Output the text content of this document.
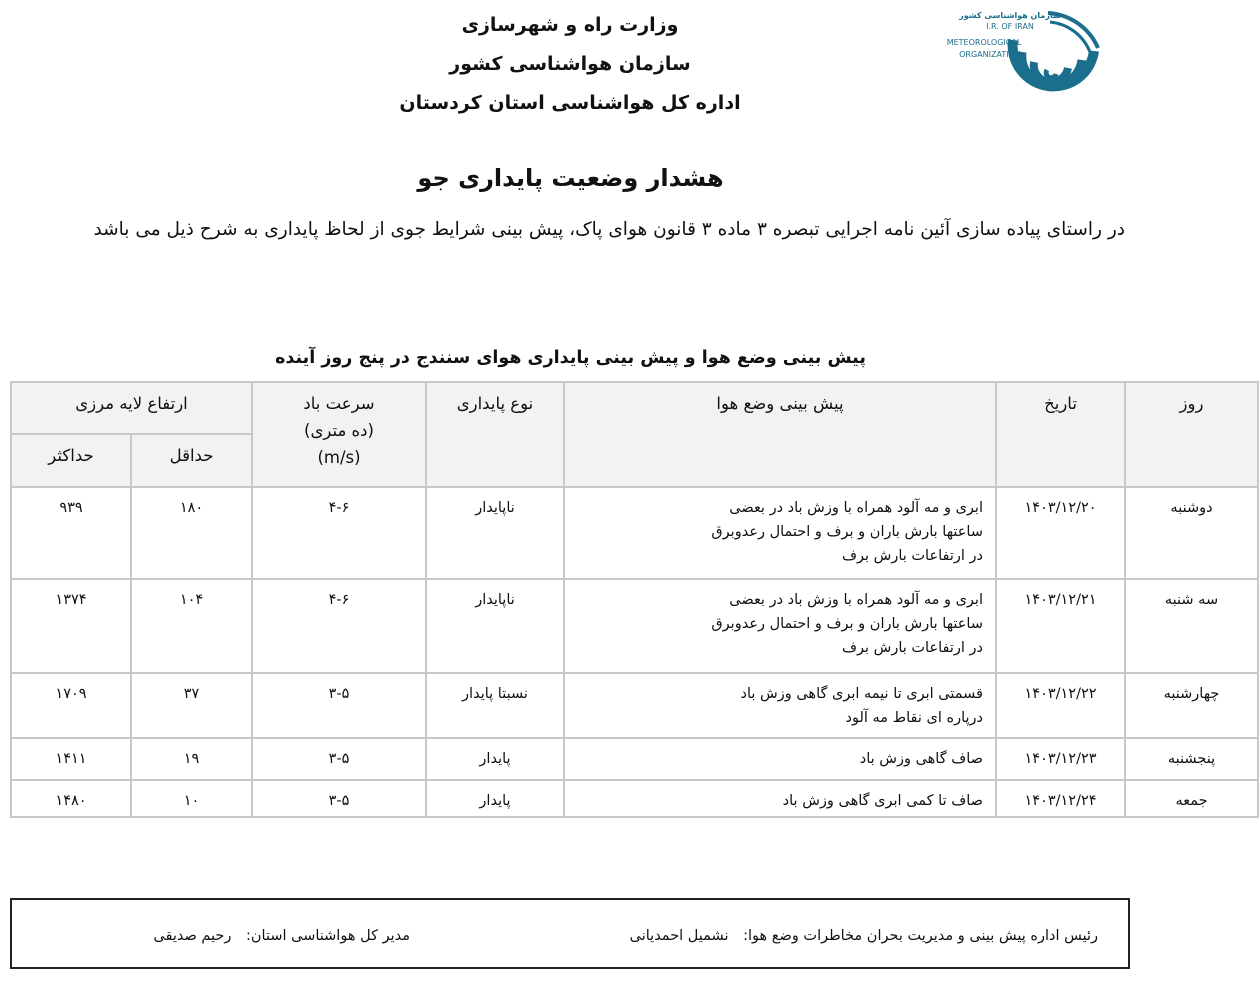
وزارت راه و شهرسازی
سازمان هواشناسی کشور
اداره کل هواشناسی استان کردستان
سازمان هواشناسی کشور
I.R. OF IRAN
METEOROLOGICAL
ORGANIZATION
هشدار وضعیت پایداری جو
در راستای پیاده سازی آئین نامه اجرایی تبصره ۳ ماده ۳ قانون هوای پاک، پیش بینی شرایط جوی از لحاظ پایداری به شرح ذیل می باشد
پیش بینی وضع هوا و پیش بینی پایداری هوای سنندج در پنج روز آینده
روز	تاریخ	پیش بینی وضع هوا	نوع پایداری	سرعت باد
(ده متری)
(m/s)	ارتفاع لایه مرزی	
					حداقل	حداکثر
دوشنبه	۱۴۰۳/۱۲/۲۰	ابری و مه آلود همراه با وزش باد در بعضی
ساعتها بارش باران و برف و احتمال رعدوبرق
در ارتفاعات بارش برف	ناپایدار	۴-۶	۱۸۰	۹۳۹
سه شنبه	۱۴۰۳/۱۲/۲۱	ابری و مه آلود همراه با وزش باد در بعضی
ساعتها بارش باران و برف و احتمال رعدوبرق
در ارتفاعات بارش برف	ناپایدار	۴-۶	۱۰۴	۱۳۷۴
چهارشنبه	۱۴۰۳/۱۲/۲۲	قسمتی ابری تا نیمه ابری گاهی وزش باد
درپاره ای نقاط مه آلود	نسبتا پایدار	۳-۵	۳۷	۱۷۰۹
پنجشنبه	۱۴۰۳/۱۲/۲۳	صاف گاهی وزش باد	پایدار	۳-۵	۱۹	۱۴۱۱
جمعه	۱۴۰۳/۱۲/۲۴	صاف تا کمی ابری گاهی وزش باد	پایدار	۳-۵	۱۰	۱۴۸۰
رئیس اداره پیش بینی و مدیریت بحران مخاطرات وضع هوا: نشمیل احمدیانی
مدیر کل هواشناسی استان: رحیم صدیقی
